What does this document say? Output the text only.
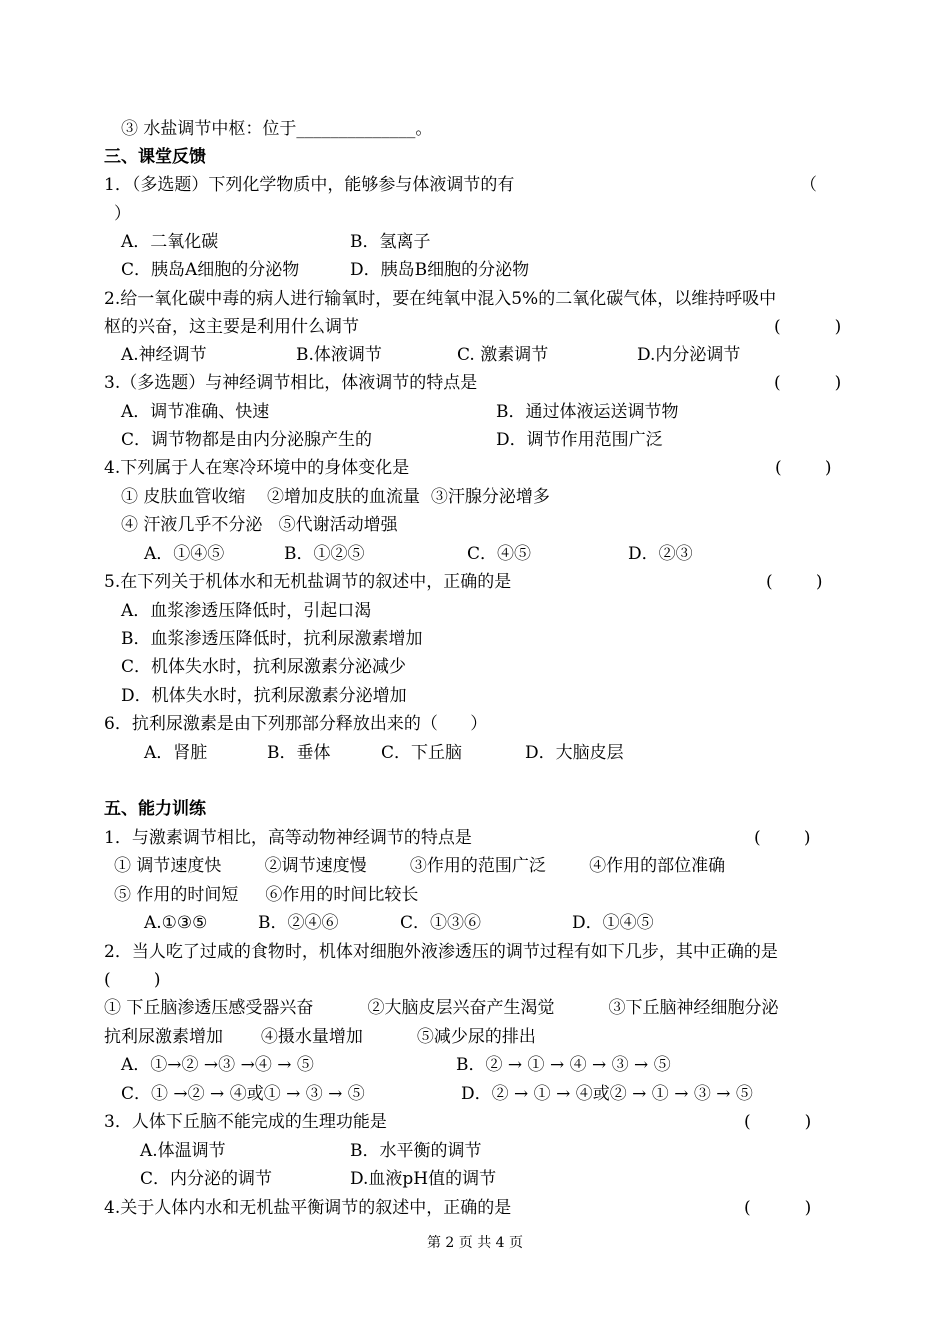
③ 水盐调节中枢：位于______________。
三、课堂反馈
1．（多选题）下列化学物质中，能够参与体液调节的有	（
）
A．二氧化碳	B．氢离子
C．胰岛A细胞的分泌物	D．胰岛B细胞的分泌物
2.给一氧化碳中毒的病人进行输氧时，要在纯氧中混入5%的二氧化碳气体，以维持呼吸中
枢的兴奋，这主要是利用什么调节	(          )
A.神经调节	B.体液调节	C. 激素调节	D.内分泌调节
3.（多选题）与神经调节相比，体液调节的特点是	(          )
A．调节准确、快速	B．通过体液运送调节物
C．调节物都是由内分泌腺产生的	D．调节作用范围广泛
4.下列属于人在寒冷环境中的身体变化是	(        )
① 皮肤血管收缩    ②增加皮肤的血流量  ③汗腺分泌增多
④ 汗液几乎不分泌   ⑤代谢活动增强
A．①④⑤	B．①②⑤	C．④⑤	D．②③
5.在下列关于机体水和无机盐调节的叙述中，正确的是	(        )
A．血浆渗透压降低时，引起口渴
B．血浆渗透压降低时，抗利尿激素增加
C．机体失水时，抗利尿激素分泌减少
D．机体失水时，抗利尿激素分泌增加
6．抗利尿激素是由下列那部分释放出来的（      ）
A．肾脏	B．垂体	C．下丘脑	D．大脑皮层
五、能力训练
1．与激素调节相比，高等动物神经调节的特点是	(        )
① 调节速度快        ②调节速度慢        ③作用的范围广泛        ④作用的部位准确
⑤ 作用的时间短     ⑥作用的时间比较长
A.①③⑤	B．②④⑥	C．①③⑥	D．①④⑤
2．当人吃了过咸的食物时，机体对细胞外液渗透压的调节过程有如下几步，其中正确的是
(        )
① 下丘脑渗透压感受器兴奋          ②大脑皮层兴奋产生渴觉          ③下丘脑神经细胞分泌
抗利尿激素增加       ④摄水量增加          ⑤减少尿的排出
A．①→② →③ →④ → ⑤	B．② → ① → ④ → ③ → ⑤
C．① →② → ④或① → ③ → ⑤	D．② → ① → ④或② → ① → ③ → ⑤
3．人体下丘脑不能完成的生理功能是	(          )
A.体温调节	B．水平衡的调节
C．内分泌的调节	D.血液pH值的调节
4.关于人体内水和无机盐平衡调节的叙述中，正确的是	(          )
第 2 页 共 4 页
